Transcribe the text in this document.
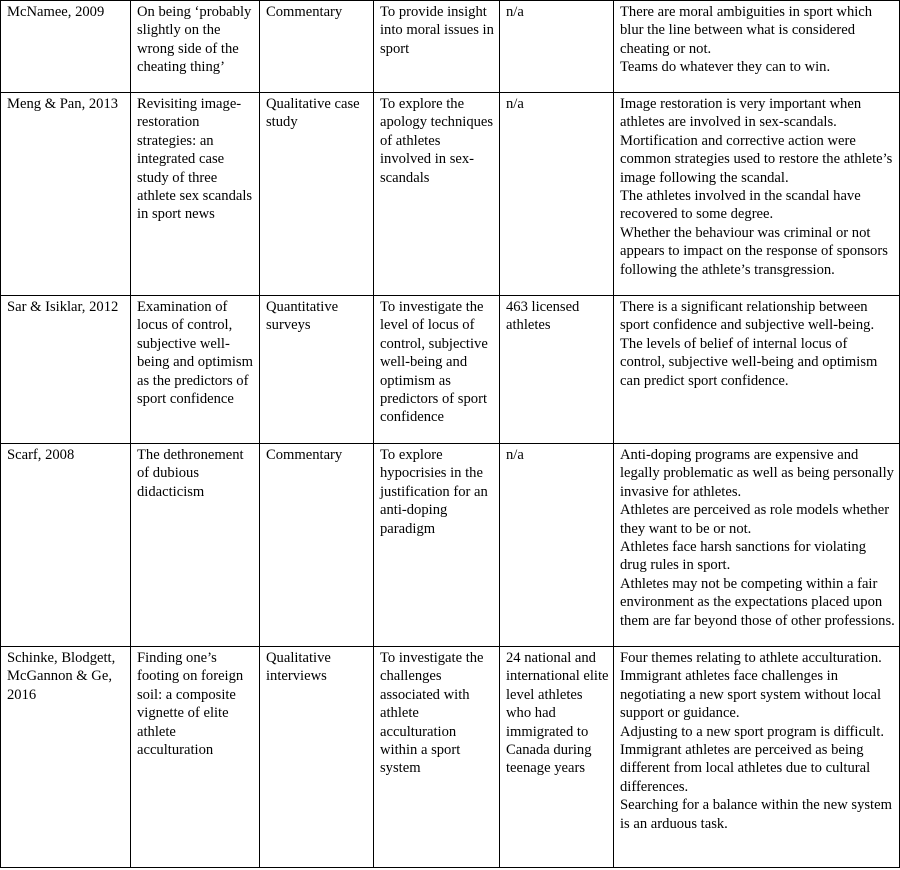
McNamee, 2009	On being ‘probably slightly on the wrong side of the cheating thing’	Commentary	To provide insight into moral issues in sport	n/a	There are moral ambiguities in sport which blur the line between what is considered cheating or not.
Teams do whatever they can to win.

Meng & Pan, 2013	Revisiting image-restoration strategies: an integrated case study of three athlete sex scandals in sport news	Qualitative case study	To explore the apology techniques of athletes involved in sex-scandals	n/a	Image restoration is very important when athletes are involved in sex-scandals.
Mortification and corrective action were common strategies used to restore the athlete’s image following the scandal.
The athletes involved in the scandal have recovered to some degree.
Whether the behaviour was criminal or not appears to impact on the response of sponsors following the athlete’s transgression.

Sar & Isiklar, 2012	Examination of locus of control, subjective well-being and optimism as the predictors of sport confidence	Quantitative surveys	To investigate the level of locus of control, subjective well-being and optimism as predictors of sport confidence	463 licensed athletes	There is a significant relationship between sport confidence and subjective well-being.
The levels of belief of internal locus of control, subjective well-being and optimism can predict sport confidence.

Scarf, 2008	The dethronement of dubious didacticism	Commentary	To explore hypocrisies in the justification for an anti-doping paradigm	n/a	Anti-doping programs are expensive and legally problematic as well as being personally invasive for athletes.
Athletes are perceived as role models whether they want to be or not.
Athletes face harsh sanctions for violating drug rules in sport.
Athletes may not be competing within a fair environment as the expectations placed upon them are far beyond those of other professions.

Schinke, Blodgett, McGannon & Ge, 2016	Finding one’s footing on foreign soil: a composite vignette of elite athlete acculturation	Qualitative interviews	To investigate the challenges associated with athlete acculturation within a sport system	24 national and international elite level athletes who had immigrated to Canada during teenage years	Four themes relating to athlete acculturation.
Immigrant athletes face challenges in negotiating a new sport system without local support or guidance.
Adjusting to a new sport program is difficult.
Immigrant athletes are perceived as being different from local athletes due to cultural differences.
Searching for a balance within the new system is an arduous task.
